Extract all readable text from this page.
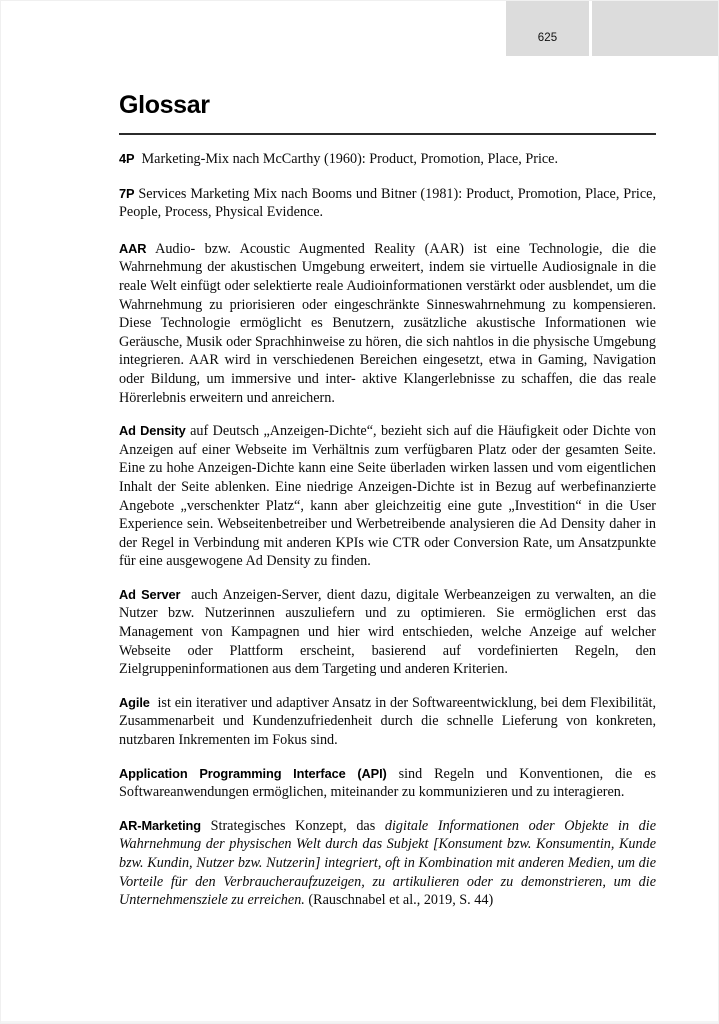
625
Glossar

4P Marketing-Mix nach McCarthy (1960): Product, Promotion, Place, Price.

7P Services Marketing Mix nach Booms und Bitner (1981): Product, Promotion, Place, Price, People, Process, Physical Evidence.

AAR Audio- bzw. Acoustic Augmented Reality (AAR) ist eine Technologie, die die Wahrnehmung der akustischen Umgebung erweitert, indem sie virtuelle Audiosignale in die reale Welt einfügt oder selektierte reale Audioinformationen verstärkt oder ausblendet, um die Wahrnehmung zu priorisieren oder eingeschränkte Sinneswahrnehmung zu kompensieren. Diese Technologie ermöglicht es Benutzern, zusätzliche akustische Informationen wie Geräusche, Musik oder Sprachhinweise zu hören, die sich nahtlos in die physische Umgebung integrieren. AAR wird in verschiedenen Bereichen eingesetzt, etwa in Gaming, Navigation oder Bildung, um immersive und inter- aktive Klangerlebnisse zu schaffen, die das reale Hörerlebnis erweitern und anreichern.

Ad Density auf Deutsch „Anzeigen-Dichte“, bezieht sich auf die Häufigkeit oder Dichte von Anzeigen auf einer Webseite im Verhältnis zum verfügbaren Platz oder der gesamten Seite. Eine zu hohe Anzeigen-Dichte kann eine Seite überladen wirken lassen und vom eigentlichen Inhalt der Seite ablenken. Eine niedrige Anzeigen-Dichte ist in Bezug auf werbefinanzierte Angebote „verschenkter Platz“, kann aber gleichzeitig eine gute „Investition“ in die User Experience sein. Webseitenbetreiber und Werbetreibende analysieren die Ad Density daher in der Regel in Verbindung mit anderen KPIs wie CTR oder Conversion Rate, um Ansatzpunkte für eine ausgewogene Ad Density zu finden.

Ad Server auch Anzeigen-Server, dient dazu, digitale Werbeanzeigen zu verwalten, an die Nutzer bzw. Nutzerinnen auszuliefern und zu optimieren. Sie ermöglichen erst das Management von Kampagnen und hier wird entschieden, welche Anzeige auf welcher Webseite oder Plattform erscheint, basierend auf vordefinierten Regeln, den Zielgruppeninformationen aus dem Targeting und anderen Kriterien.

Agile ist ein iterativer und adaptiver Ansatz in der Softwareentwicklung, bei dem Flexibilität, Zusammenarbeit und Kundenzufriedenheit durch die schnelle Lieferung von konkreten, nutzbaren Inkrementen im Fokus sind.

Application Programming Interface (API) sind Regeln und Konventionen, die es Softwareanwendungen ermöglichen, miteinander zu kommunizieren und zu interagieren.

AR-Marketing Strategisches Konzept, das digitale Informationen oder Objekte in die Wahrnehmung der physischen Welt durch das Subjekt [Konsument bzw. Konsumentin, Kunde bzw. Kundin, Nutzer bzw. Nutzerin] integriert, oft in Kombination mit anderen Medien, um die Vorteile für den Verbraucheraufzuzeigen, zu artikulieren oder zu demonstrieren, um die Unternehmensziele zu erreichen. (Rauschnabel et al., 2019, S. 44)
